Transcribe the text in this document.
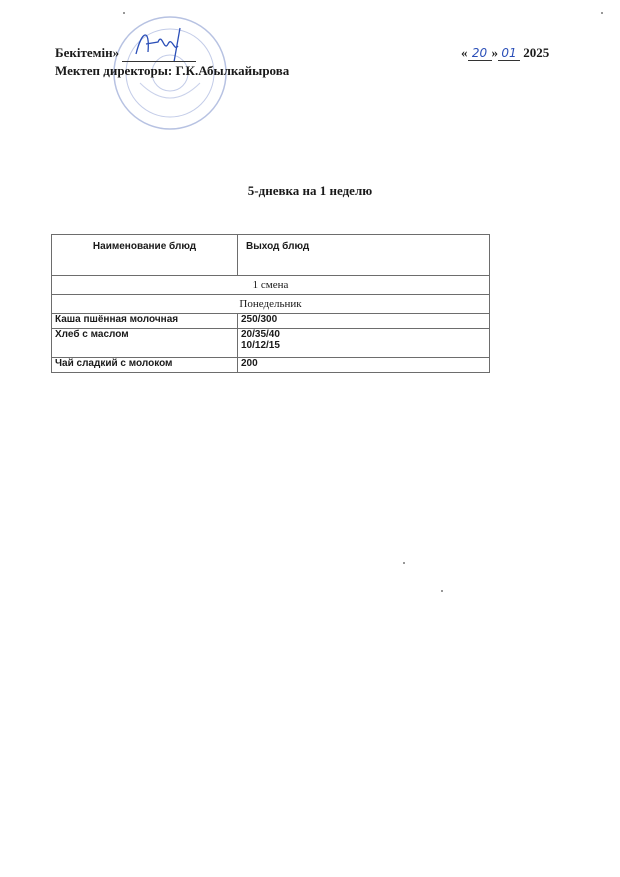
Бекітемін»
Мектеп директоры: Г.К.Абылкайырова
« 20 » 01 2025
5-дневка на 1 неделю
Наименование блюд	Выход блюд
1 смена	
Понедельник	
Каша пшённая молочная	250/300

Хлеб с маслом	20/35/40
10/12/15

Чай сладкий с молоком	200
